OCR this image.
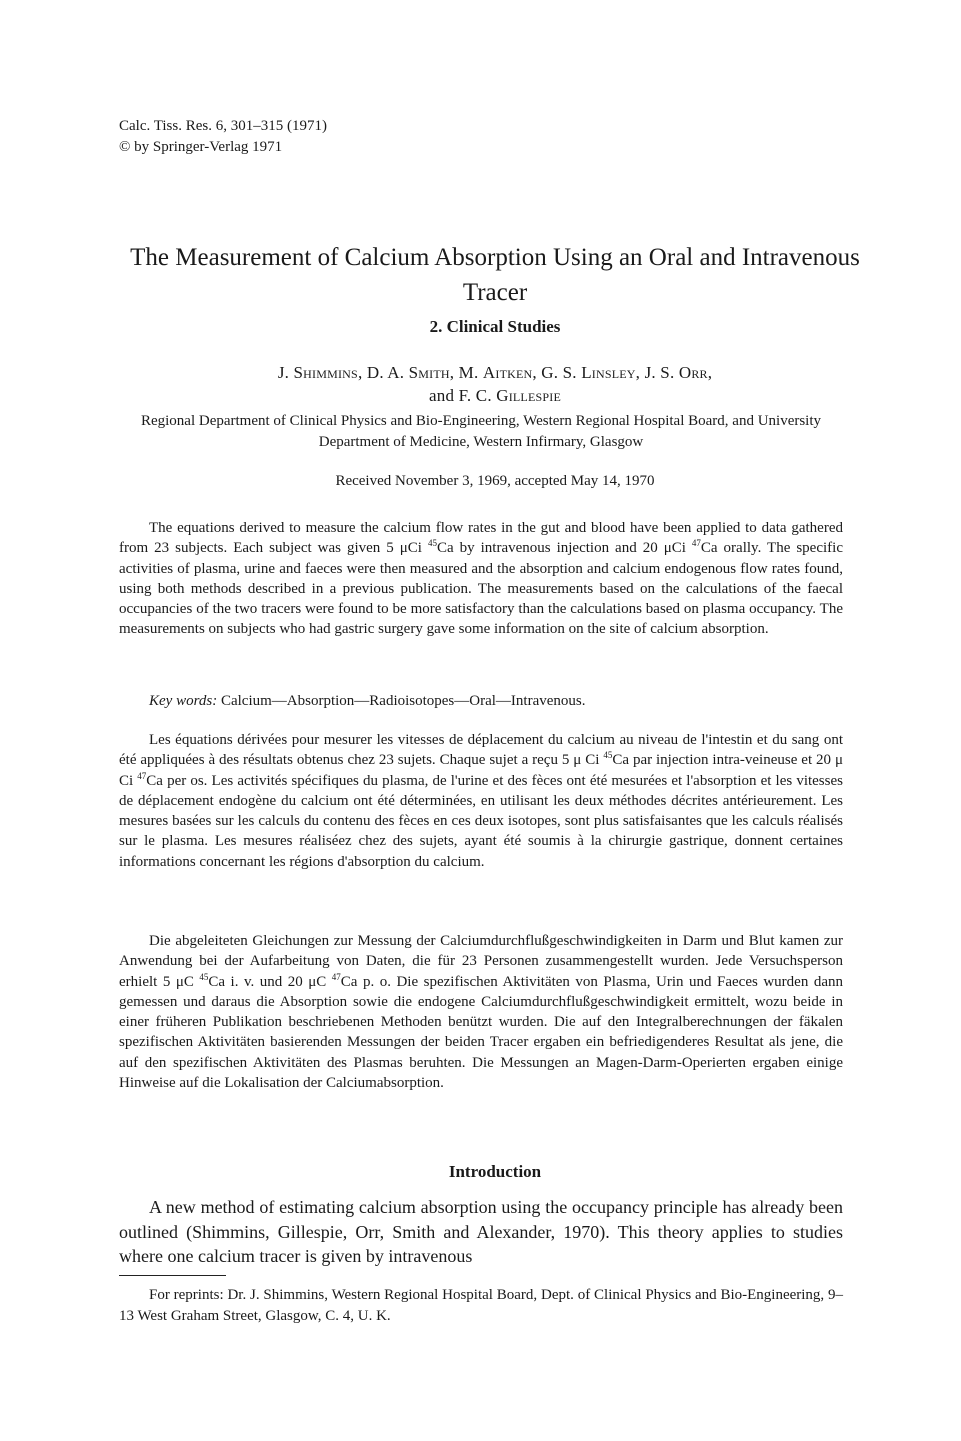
Calc. Tiss. Res. 6, 301–315 (1971)
© by Springer-Verlag 1971
The Measurement of Calcium Absorption Using an Oral and Intravenous Tracer
2. Clinical Studies
J. Shimmins, D. A. Smith, M. Aitken, G. S. Linsley, J. S. Orr,
and F. C. Gillespie
Regional Department of Clinical Physics and Bio-Engineering, Western Regional Hospital Board, and University Department of Medicine, Western Infirmary, Glasgow
Received November 3, 1969, accepted May 14, 1970

The equations derived to measure the calcium flow rates in the gut and blood have been applied to data gathered from 23 subjects. Each subject was given 5 μCi $^{45}$Ca by intravenous injection and 20 μCi $^{47}$Ca orally. The specific activities of plasma, urine and faeces were then measured and the absorption and calcium endogenous flow rates found, using both methods described in a previous publication. The measurements based on the calculations of the faecal occupancies of the two tracers were found to be more satisfactory than the calculations based on plasma occupancy. The measurements on subjects who had gastric surgery gave some information on the site of calcium absorption.

Key words: Calcium—Absorption—Radioisotopes—Oral—Intravenous.

Les équations dérivées pour mesurer les vitesses de déplacement du calcium au niveau de l'intestin et du sang ont été appliquées à des résultats obtenus chez 23 sujets. Chaque sujet a reçu 5 μ Ci $^{45}$Ca par injection intra-veineuse et 20 μ Ci $^{47}$Ca per os. Les activités spécifiques du plasma, de l'urine et des fèces ont été mesurées et l'absorption et les vitesses de déplacement endogène du calcium ont été déterminées, en utilisant les deux méthodes décrites antérieurement. Les mesures basées sur les calculs du contenu des fèces en ces deux isotopes, sont plus satisfaisantes que les calculs réalisés sur le plasma. Les mesures réaliséez chez des sujets, ayant été soumis à la chirurgie gastrique, donnent certaines informations concernant les régions d'absorption du calcium.

Die abgeleiteten Gleichungen zur Messung der Calciumdurchflußgeschwindigkeiten in Darm und Blut kamen zur Anwendung bei der Aufarbeitung von Daten, die für 23 Personen zusammengestellt wurden. Jede Versuchsperson erhielt 5 μC $^{45}$Ca i. v. und 20 μC $^{47}$Ca p. o. Die spezifischen Aktivitäten von Plasma, Urin und Faeces wurden dann gemessen und daraus die Absorption sowie die endogene Calciumdurchflußgeschwindigkeit ermittelt, wozu beide in einer früheren Publikation beschriebenen Methoden benützt wurden. Die auf den Integralberechnungen der fäkalen spezifischen Aktivitäten basierenden Messungen der beiden Tracer ergaben ein befriedigenderes Resultat als jene, die auf den spezifischen Aktivitäten des Plasmas beruhten. Die Messungen an Magen-Darm-Operierten ergaben einige Hinweise auf die Lokalisation der Calciumabsorption.

Introduction

A new method of estimating calcium absorption using the occupancy principle has already been outlined (Shimmins, Gillespie, Orr, Smith and Alexander, 1970). This theory applies to studies where one calcium tracer is given by intravenous

For reprints: Dr. J. Shimmins, Western Regional Hospital Board, Dept. of Clinical Physics and Bio-Engineering, 9–13 West Graham Street, Glasgow, C. 4, U. K.
